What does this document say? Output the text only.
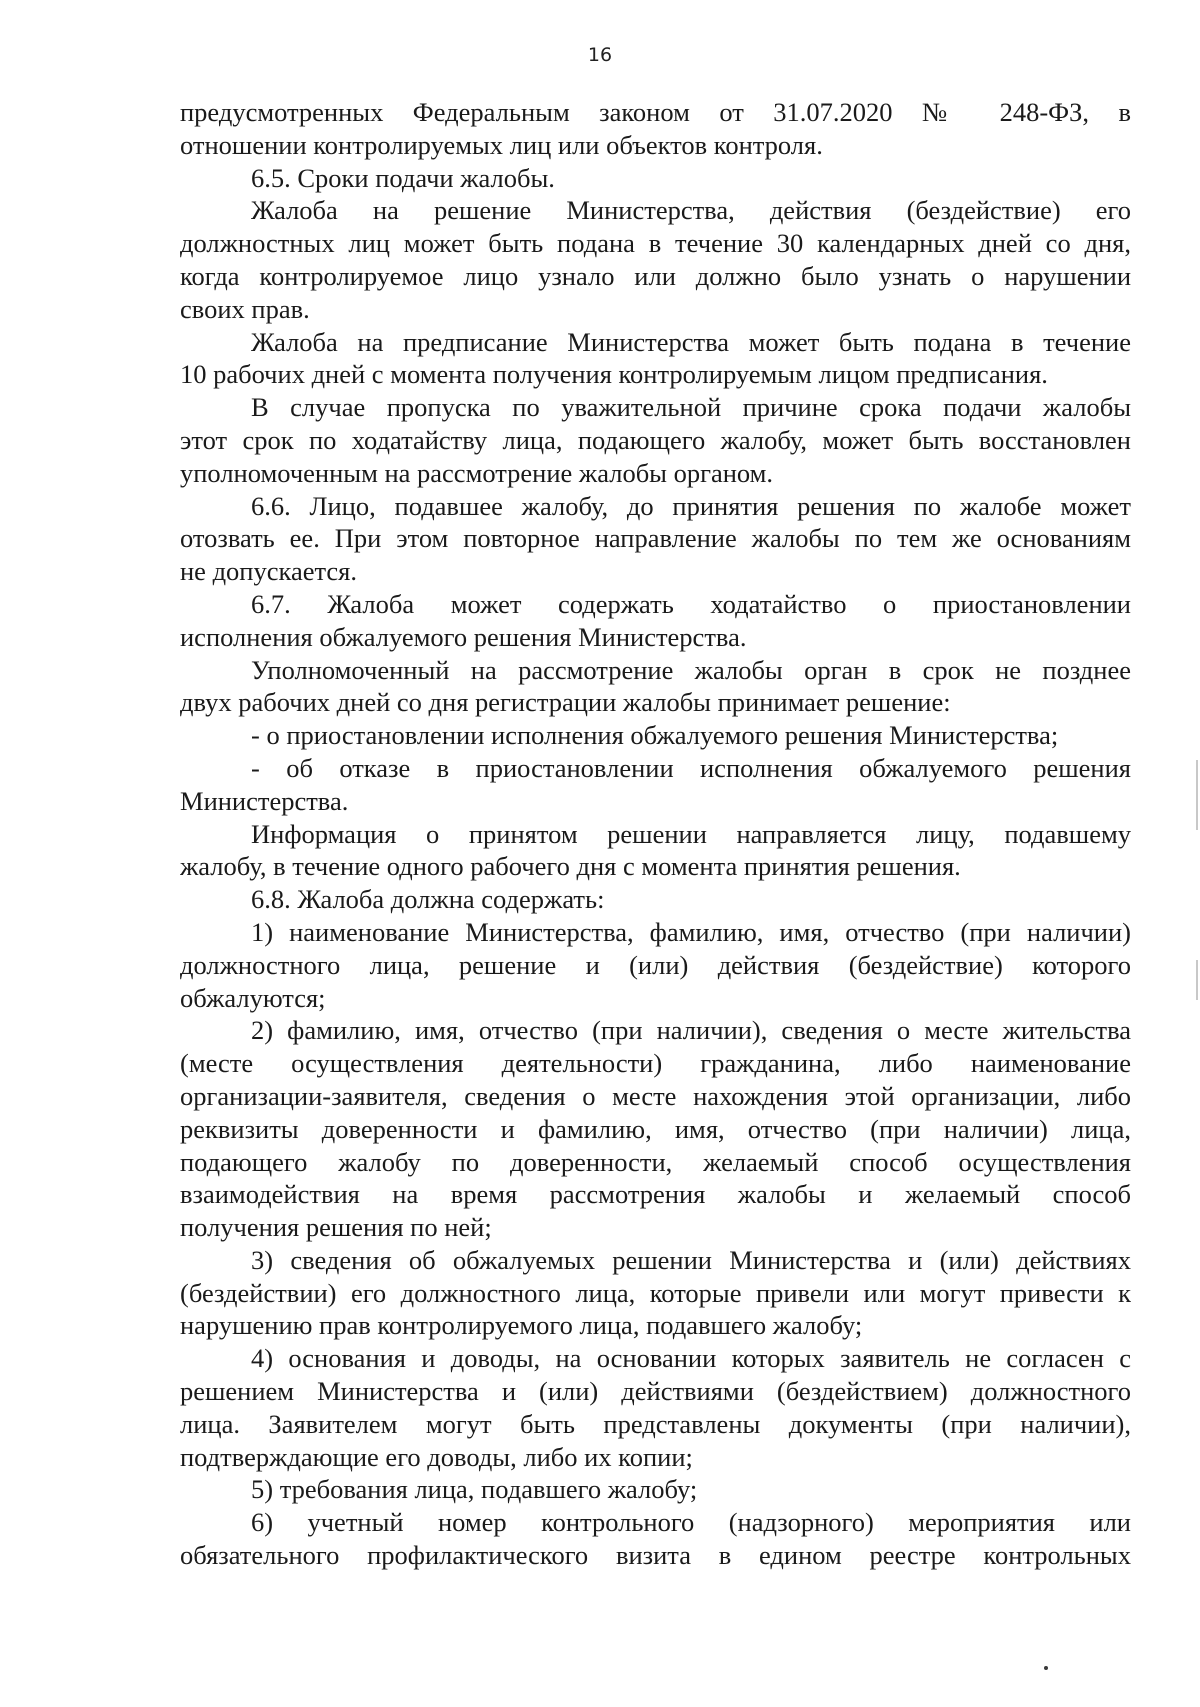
16
предусмотренных Федеральным законом от 31.07.2020 № 248-ФЗ, в
отношении контролируемых лиц или объектов контроля.
6.5. Сроки подачи жалобы.
Жалоба на решение Министерства, действия (бездействие) его
должностных лиц может быть подана в течение 30 календарных дней со дня,
когда контролируемое лицо узнало или должно было узнать о нарушении
своих прав.
Жалоба на предписание Министерства может быть подана в течение
10 рабочих дней с момента получения контролируемым лицом предписания.
В случае пропуска по уважительной причине срока подачи жалобы
этот срок по ходатайству лица, подающего жалобу, может быть восстановлен
уполномоченным на рассмотрение жалобы органом.
6.6. Лицо, подавшее жалобу, до принятия решения по жалобе может
отозвать ее. При этом повторное направление жалобы по тем же основаниям
не допускается.
6.7. Жалоба может содержать ходатайство о приостановлении
исполнения обжалуемого решения Министерства.
Уполномоченный на рассмотрение жалобы орган в срок не позднее
двух рабочих дней со дня регистрации жалобы принимает решение:
- о приостановлении исполнения обжалуемого решения Министерства;
- об отказе в приостановлении исполнения обжалуемого решения
Министерства.
Информация о принятом решении направляется лицу, подавшему
жалобу, в течение одного рабочего дня с момента принятия решения.
6.8. Жалоба должна содержать:
1) наименование Министерства, фамилию, имя, отчество (при наличии)
должностного лица, решение и (или) действия (бездействие) которого
обжалуются;
2) фамилию, имя, отчество (при наличии), сведения о месте жительства
(месте осуществления деятельности) гражданина, либо наименование
организации-заявителя, сведения о месте нахождения этой организации, либо
реквизиты доверенности и фамилию, имя, отчество (при наличии) лица,
подающего жалобу по доверенности, желаемый способ осуществления
взаимодействия на время рассмотрения жалобы и желаемый способ
получения решения по ней;
3) сведения об обжалуемых решении Министерства и (или) действиях
(бездействии) его должностного лица, которые привели или могут привести к
нарушению прав контролируемого лица, подавшего жалобу;
4) основания и доводы, на основании которых заявитель не согласен с
решением Министерства и (или) действиями (бездействием) должностного
лица. Заявителем могут быть представлены документы (при наличии),
подтверждающие его доводы, либо их копии;
5) требования лица, подавшего жалобу;
6) учетный номер контрольного (надзорного) мероприятия или
обязательного профилактического визита в едином реестре контрольных
